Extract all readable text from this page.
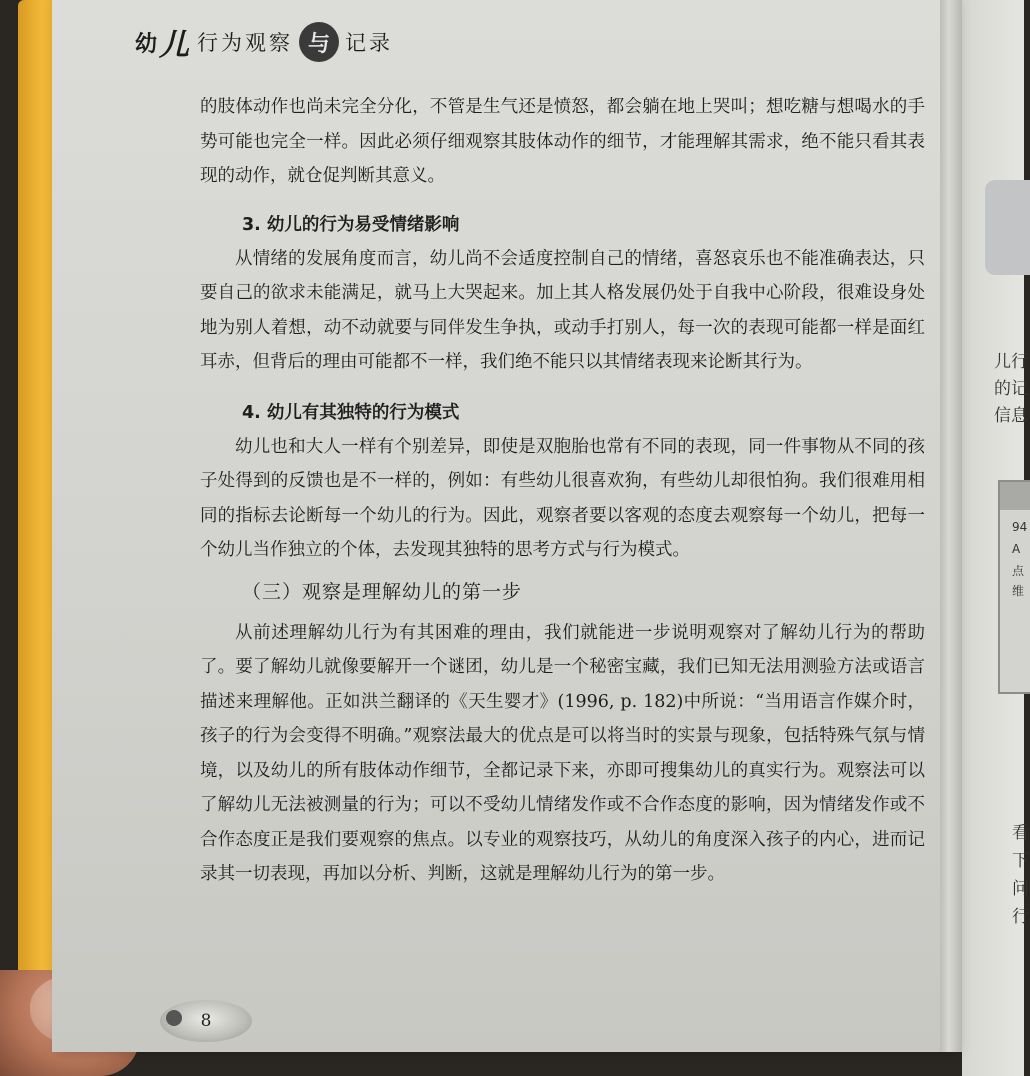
儿行
的记
信息
94
A
点
维
看
下
问
行
幼 儿 行为观察 与 记录

的肢体动作也尚未完全分化，不管是生气还是愤怒，都会躺在地上哭叫；想吃糖与想喝水的手势可能也完全一样。因此必须仔细观察其肢体动作的细节，才能理解其需求，绝不能只看其表现的动作，就仓促判断其意义。

3. 幼儿的行为易受情绪影响

从情绪的发展角度而言，幼儿尚不会适度控制自己的情绪，喜怒哀乐也不能准确表达，只要自己的欲求未能满足，就马上大哭起来。加上其人格发展仍处于自我中心阶段，很难设身处地为别人着想，动不动就要与同伴发生争执，或动手打别人，每一次的表现可能都一样是面红耳赤，但背后的理由可能都不一样，我们绝不能只以其情绪表现来论断其行为。

4. 幼儿有其独特的行为模式

幼儿也和大人一样有个别差异，即使是双胞胎也常有不同的表现，同一件事物从不同的孩子处得到的反馈也是不一样的，例如：有些幼儿很喜欢狗，有些幼儿却很怕狗。我们很难用相同的指标去论断每一个幼儿的行为。因此，观察者要以客观的态度去观察每一个幼儿，把每一个幼儿当作独立的个体，去发现其独特的思考方式与行为模式。

（三）观察是理解幼儿的第一步

从前述理解幼儿行为有其困难的理由，我们就能进一步说明观察对了解幼儿行为的帮助了。要了解幼儿就像要解开一个谜团，幼儿是一个秘密宝藏，我们已知无法用测验方法或语言描述来理解他。正如洪兰翻译的《天生婴才》(1996, p. 182)中所说：“当用语言作媒介时，孩子的行为会变得不明确。”观察法最大的优点是可以将当时的实景与现象，包括特殊气氛与情境，以及幼儿的所有肢体动作细节，全都记录下来，亦即可搜集幼儿的真实行为。观察法可以了解幼儿无法被测量的行为；可以不受幼儿情绪发作或不合作态度的影响，因为情绪发作或不合作态度正是我们要观察的焦点。以专业的观察技巧，从幼儿的角度深入孩子的内心，进而记录其一切表现，再加以分析、判断，这就是理解幼儿行为的第一步。

8
